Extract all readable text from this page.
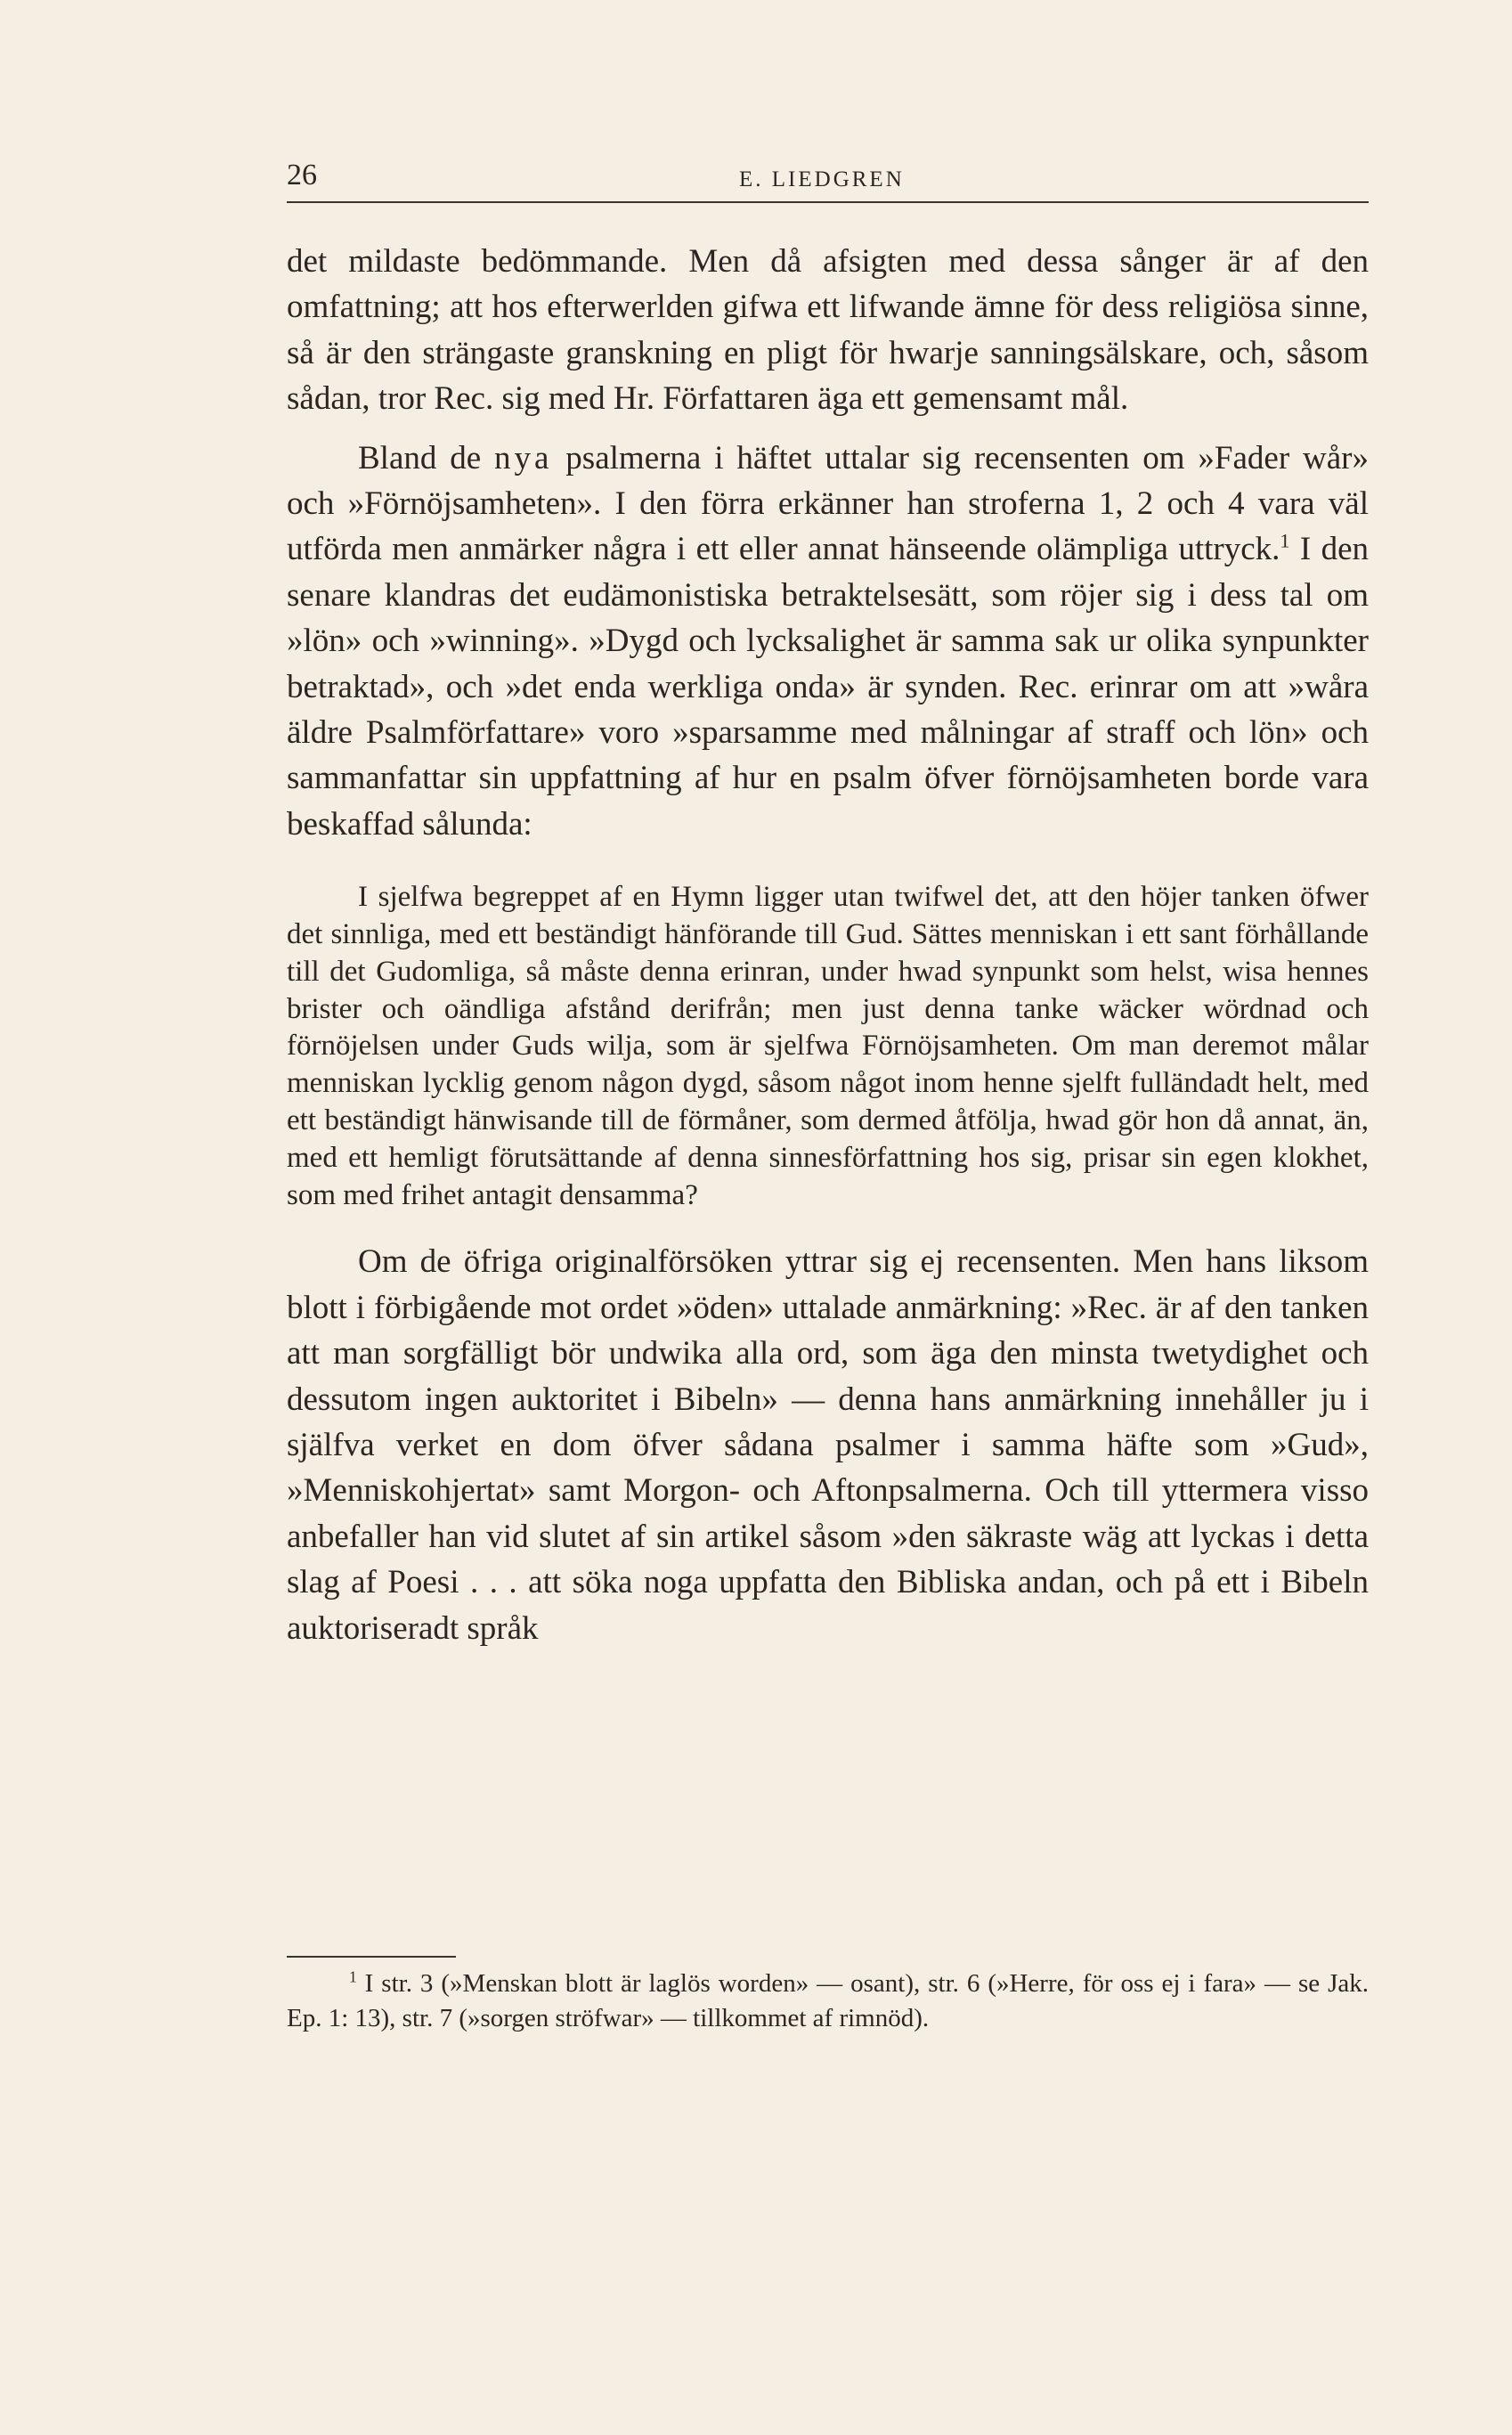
26	E. LIEDGREN

det mildaste bedömmande. Men då afsigten med dessa sånger är af den omfattning; att hos efterwerlden gifwa ett lifwande ämne för dess religiösa sinne, så är den strängaste granskning en pligt för hwarje sanningsälskare, och, såsom sådan, tror Rec. sig med Hr. Författaren äga ett gemensamt mål.

Bland de nya psalmerna i häftet uttalar sig recensenten om »Fader wår» och »Förnöjsamheten». I den förra erkänner han stroferna 1, 2 och 4 vara väl utförda men anmärker några i ett eller annat hänseende olämpliga uttryck.$^1$ I den senare klandras det eudämonistiska betraktelsesätt, som röjer sig i dess tal om »lön» och »winning». »Dygd och lycksalighet är samma sak ur olika synpunkter betraktad», och »det enda werkliga onda» är synden. Rec. erinrar om att »wåra äldre Psalmförfattare» voro »sparsamme med målningar af straff och lön» och sammanfattar sin uppfattning af hur en psalm öfver förnöjsamheten borde vara beskaffad sålunda:

I sjelfwa begreppet af en Hymn ligger utan twifwel det, att den höjer tanken öfwer det sinnliga, med ett beständigt hänförande till Gud. Sättes menniskan i ett sant förhållande till det Gudomliga, så måste denna erinran, under hwad synpunkt som helst, wisa hennes brister och oändliga afstånd derifrån; men just denna tanke wäcker wördnad och förnöjelsen under Guds wilja, som är sjelfwa Förnöjsamheten. Om man deremot målar menniskan lycklig genom någon dygd, såsom något inom henne sjelft fulländadt helt, med ett beständigt hänwisande till de förmåner, som dermed åtfölja, hwad gör hon då annat, än, med ett hemligt förutsättande af denna sinnesförfattning hos sig, prisar sin egen klokhet, som med frihet antagit densamma?

Om de öfriga originalförsöken yttrar sig ej recensenten. Men hans liksom blott i förbigående mot ordet »öden» uttalade anmärkning: »Rec. är af den tanken att man sorgfälligt bör undwika alla ord, som äga den minsta twetydighet och dessutom ingen auktoritet i Bibeln» — denna hans anmärkning innehåller ju i själfva verket en dom öfver sådana psalmer i samma häfte som »Gud», »Menniskohjertat» samt Morgon- och Aftonpsalmerna. Och till yttermera visso anbefaller han vid slutet af sin artikel såsom »den säkraste wäg att lyckas i detta slag af Poesi . . . att söka noga uppfatta den Bibliska andan, och på ett i Bibeln auktoriseradt språk

$^1$ I str. 3 (»Menskan blott är laglös worden» — osant), str. 6 (»Herre, för oss ej i fara» — se Jak. Ep. 1: 13), str. 7 (»sorgen ströfwar» — tillkommet af rimnöd).
